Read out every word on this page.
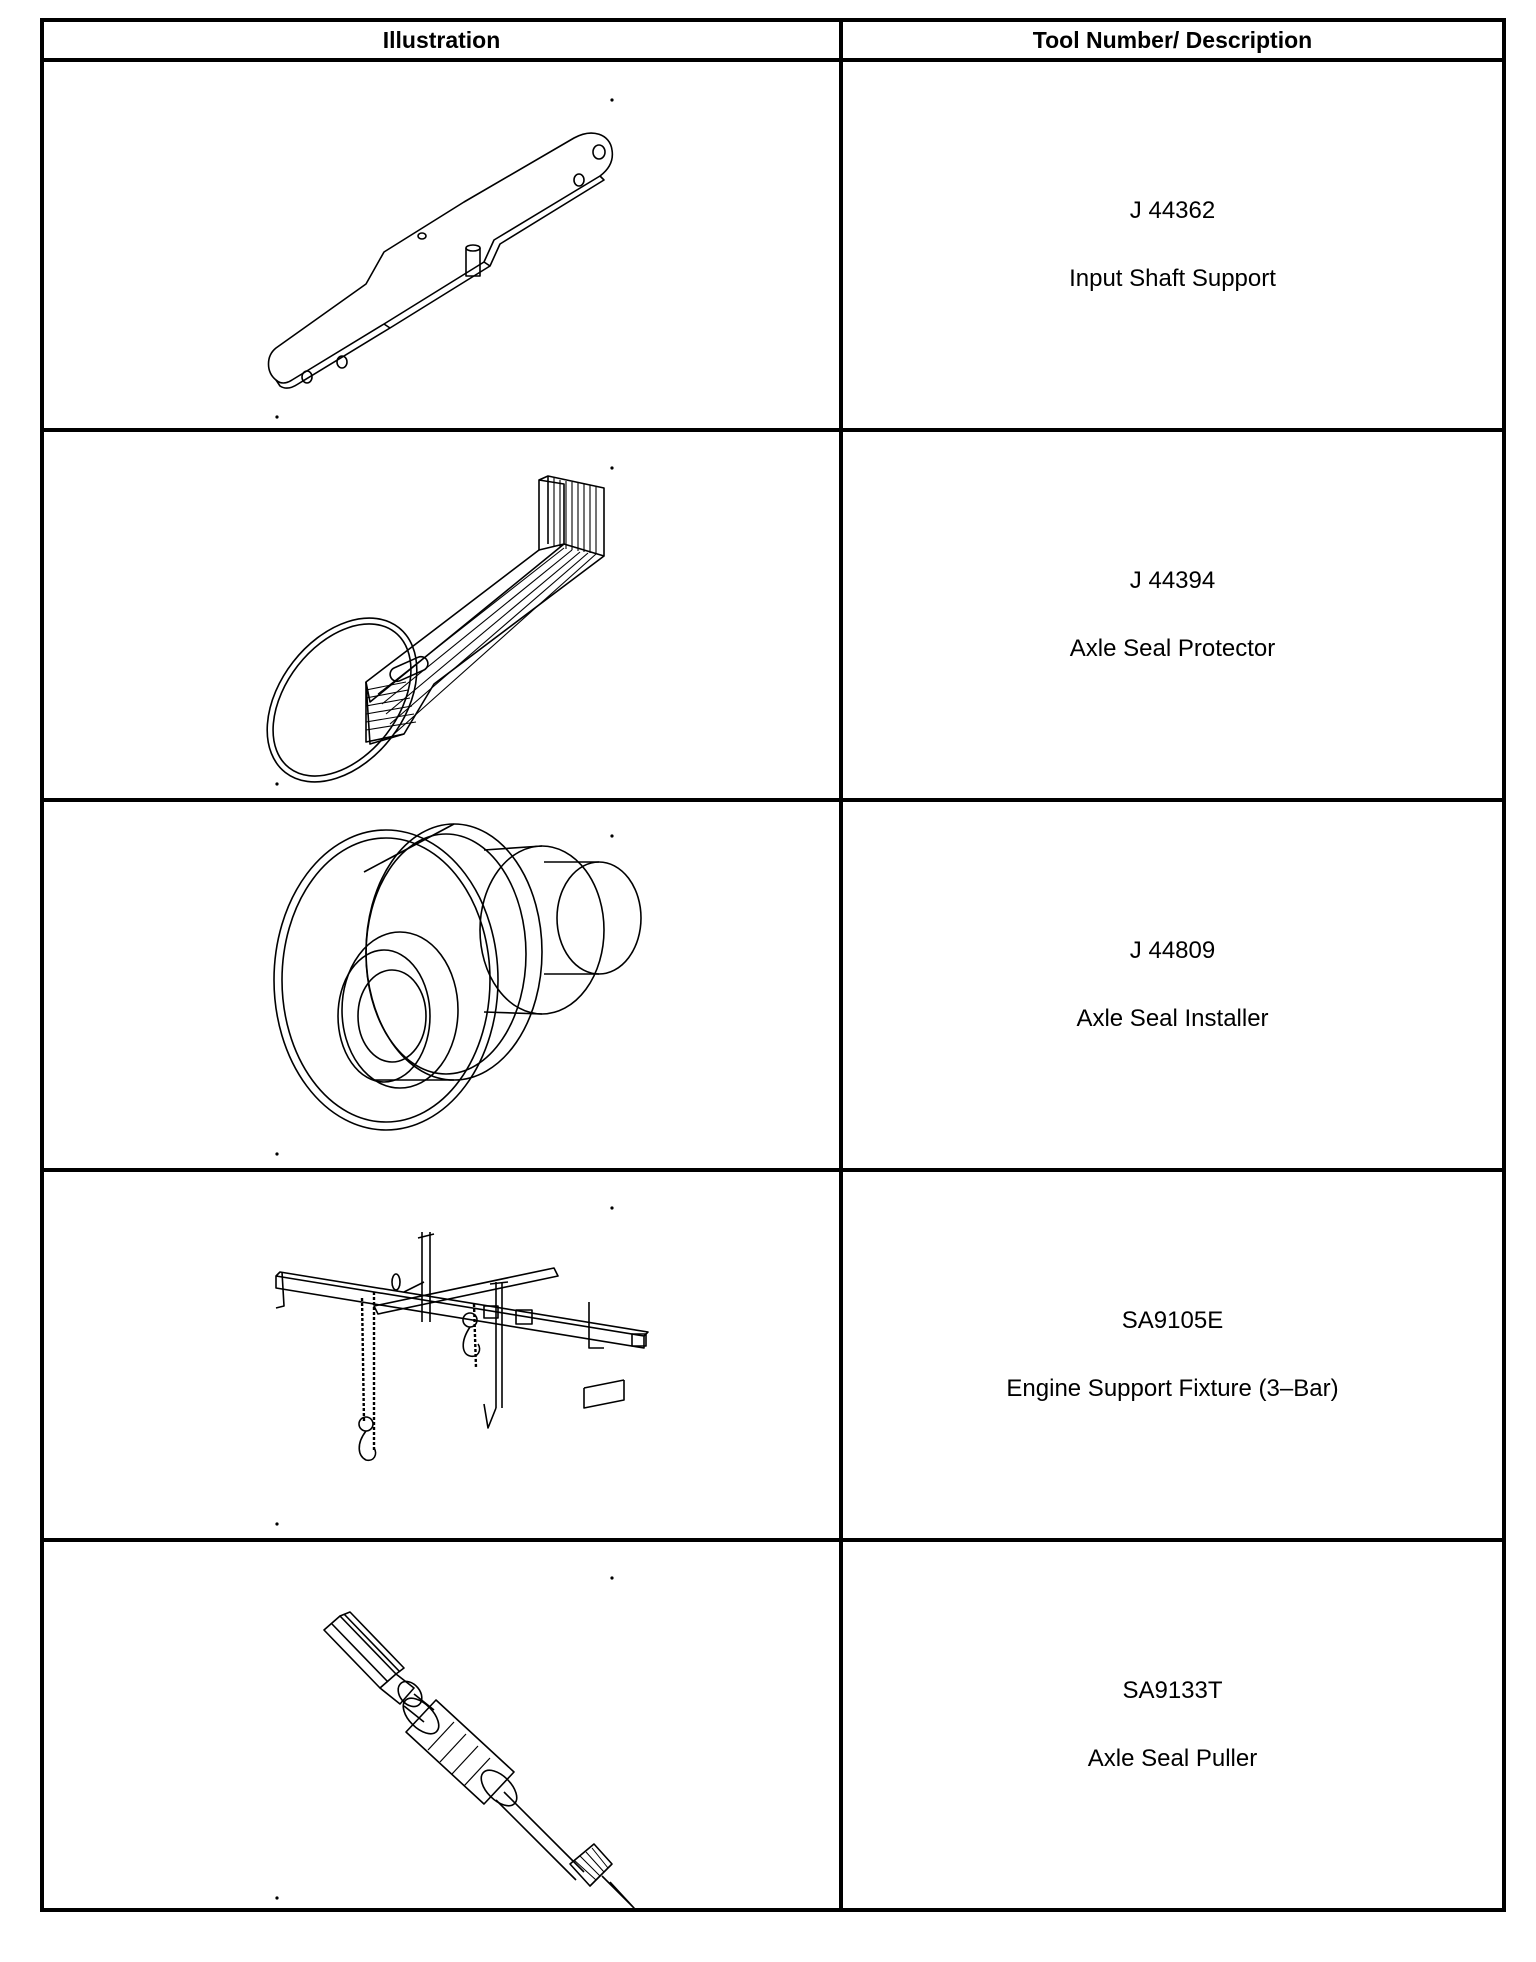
Illustration	Tool Number/ Description

J 44362
Input Shaft Support

J 44394
Axle Seal Protector

J 44809
Axle Seal Installer

SA9105E
Engine Support Fixture (3–Bar)

SA9133T
Axle Seal Puller
